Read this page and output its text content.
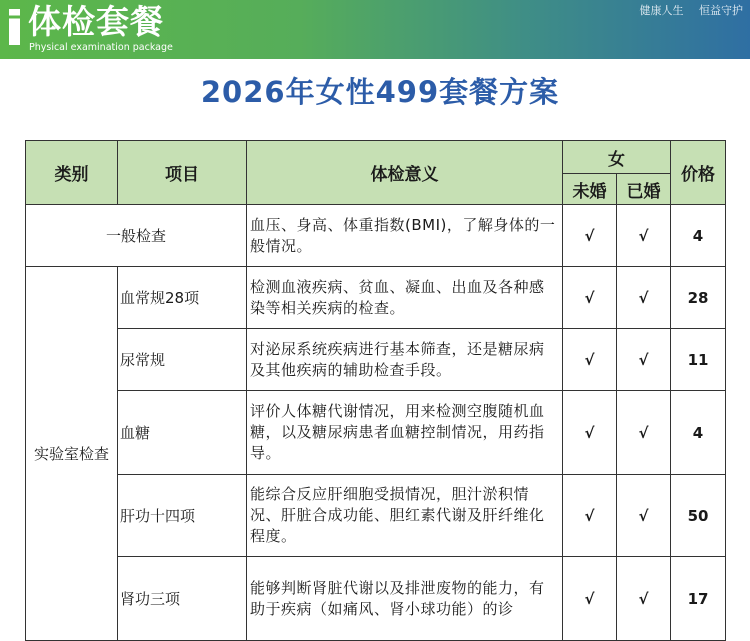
体检套餐
Physical examination package
健康人生 恒益守护
2026年女性499套餐方案
类别	项目	体检意义	女		价格
			未婚	已婚	
一般检查		血压、身高、体重指数(BMI)，了解身体的一般情况。	√	√	4
实验室检查	血常规28项	检测血液疾病、贫血、凝血、出血及各种感染等相关疾病的检查。	√	√	28
	尿常规	对泌尿系统疾病进行基本筛查，还是糖尿病及其他疾病的辅助检查手段。	√	√	11
	血糖	评价人体糖代谢情况，用来检测空腹随机血糖，以及糖尿病患者血糖控制情况，用药指导。	√	√	4
	肝功十四项	能综合反应肝细胞受损情况，胆汁淤积情况、肝脏合成功能、胆红素代谢及肝纤维化程度。	√	√	50
	肾功三项	能够判断肾脏代谢以及排泄废物的能力，有助于疾病（如痛风、肾小球功能）的诊	√	√	17
